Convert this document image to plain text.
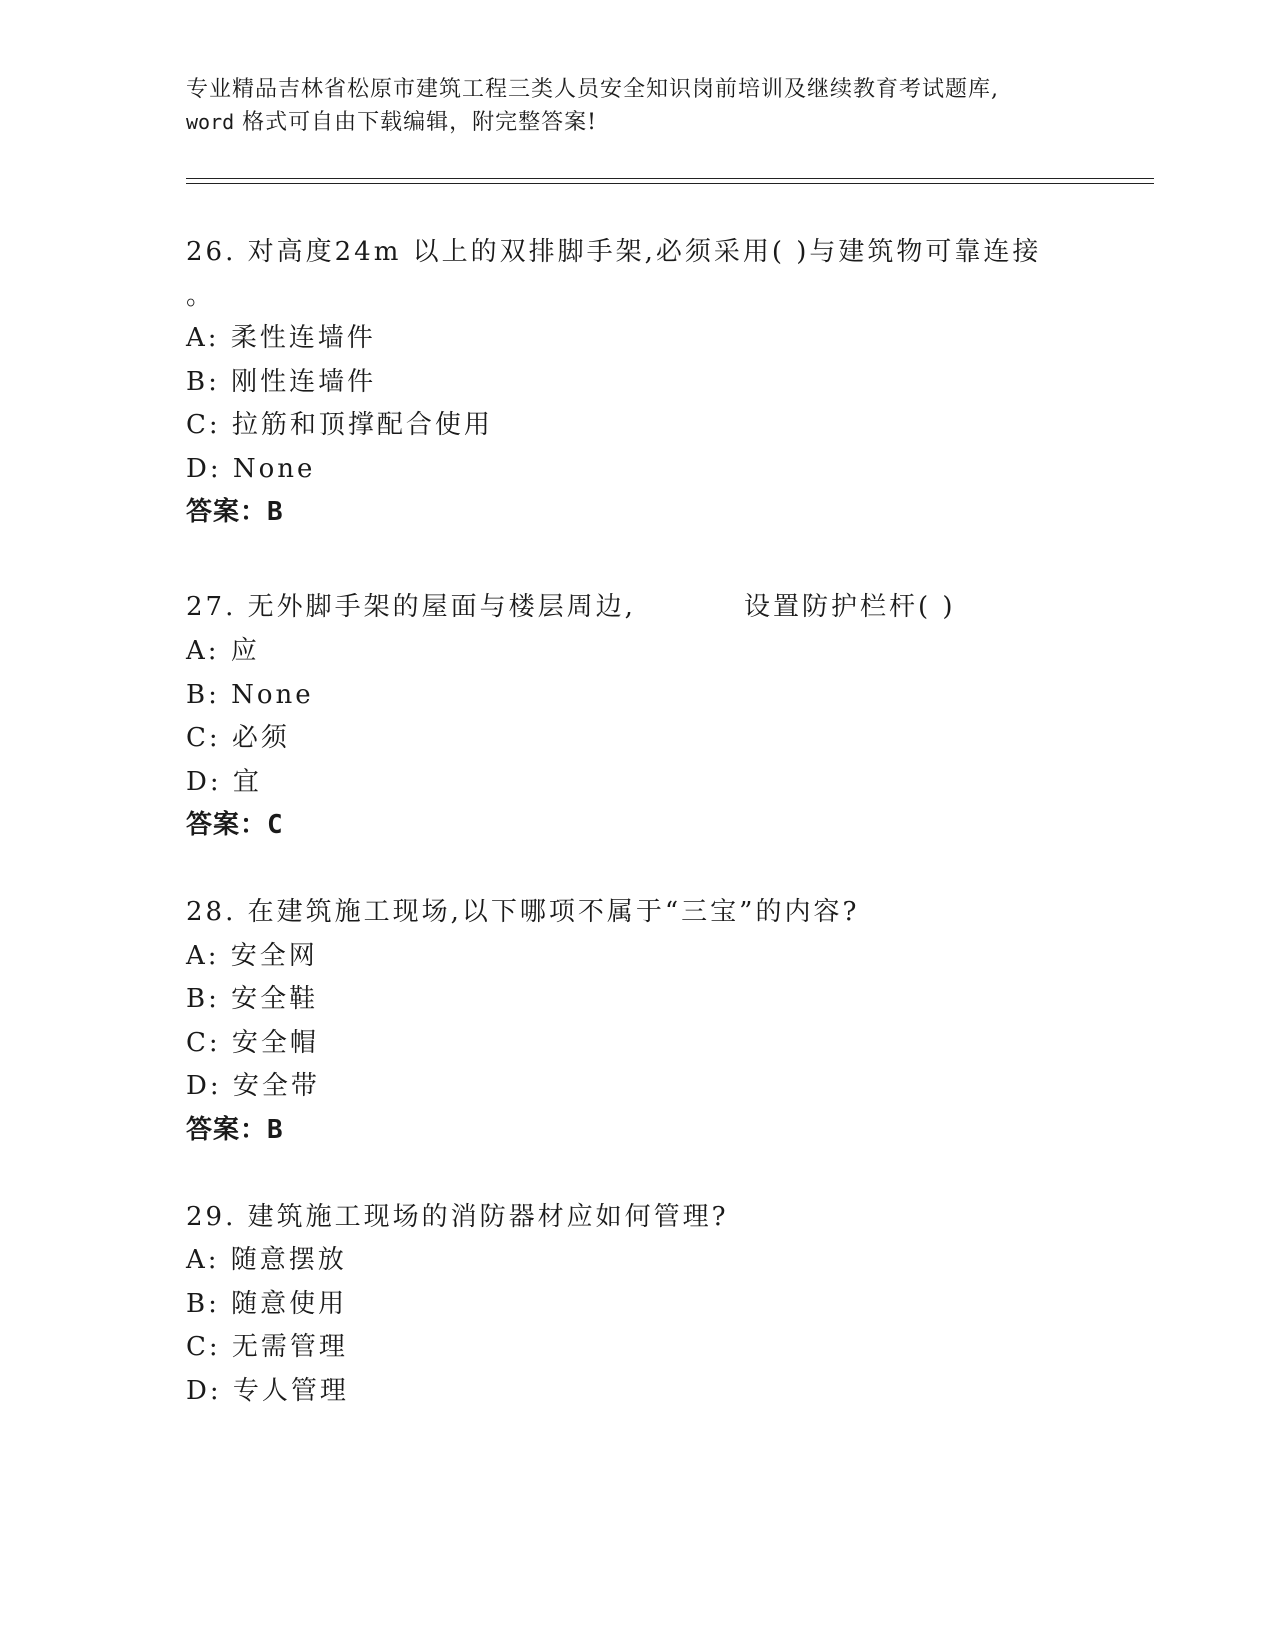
专业精品吉林省松原市建筑工程三类人员安全知识岗前培训及继续教育考试题库,
word 格式可自由下载编辑，附完整答案!
26. 对高度24m 以上的双排脚手架,必须采用( )与建筑物可靠连接
。
A: 柔性连墙件
B: 刚性连墙件
C: 拉筋和顶撑配合使用
D: None
答案：B
27. 无外脚手架的屋面与楼层周边,	设置防护栏杆( )
A: 应
B: None
C: 必须
D: 宜
答案：C
28. 在建筑施工现场,以下哪项不属于“三宝”的内容?
A: 安全网
B: 安全鞋
C: 安全帽
D: 安全带
答案：B
29. 建筑施工现场的消防器材应如何管理?
A: 随意摆放
B: 随意使用
C: 无需管理
D: 专人管理
